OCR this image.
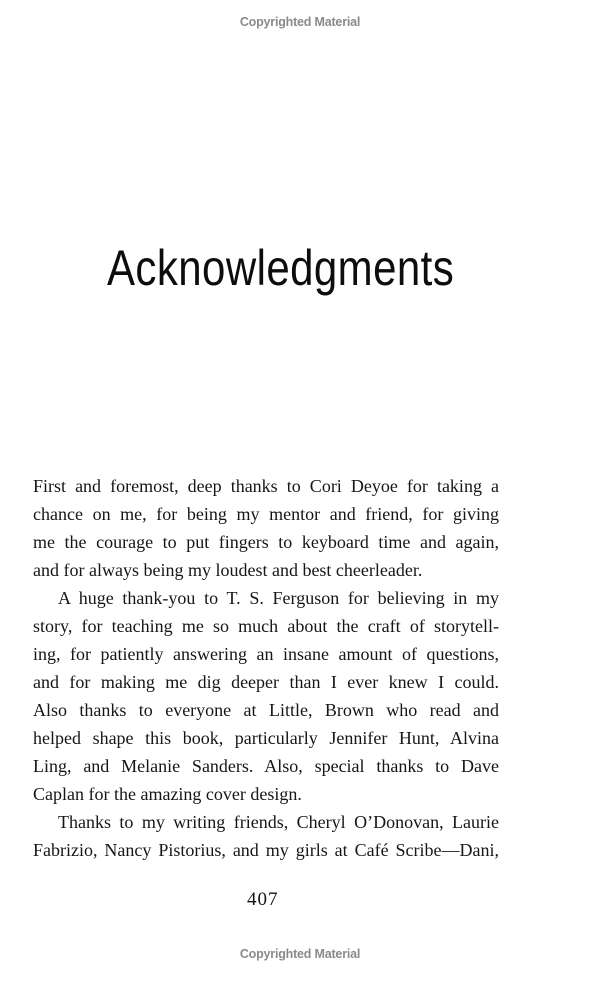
Copyrighted Material
Acknowledgments
First and foremost, deep thanks to Cori Deyoe for taking a
chance on me, for being my mentor and friend, for giving
me the courage to put fingers to keyboard time and again,
and for always being my loudest and best cheerleader.
A huge thank-you to T. S. Ferguson for believing in my
story, for teaching me so much about the craft of storytell-
ing, for patiently answering an insane amount of questions,
and for making me dig deeper than I ever knew I could.
Also thanks to everyone at Little, Brown who read and
helped shape this book, particularly Jennifer Hunt, Alvina
Ling, and Melanie Sanders. Also, special thanks to Dave
Caplan for the amazing cover design.
Thanks to my writing friends, Cheryl O’Donovan, Laurie
Fabrizio, Nancy Pistorius, and my girls at Café Scribe—Dani,
407
Copyrighted Material
